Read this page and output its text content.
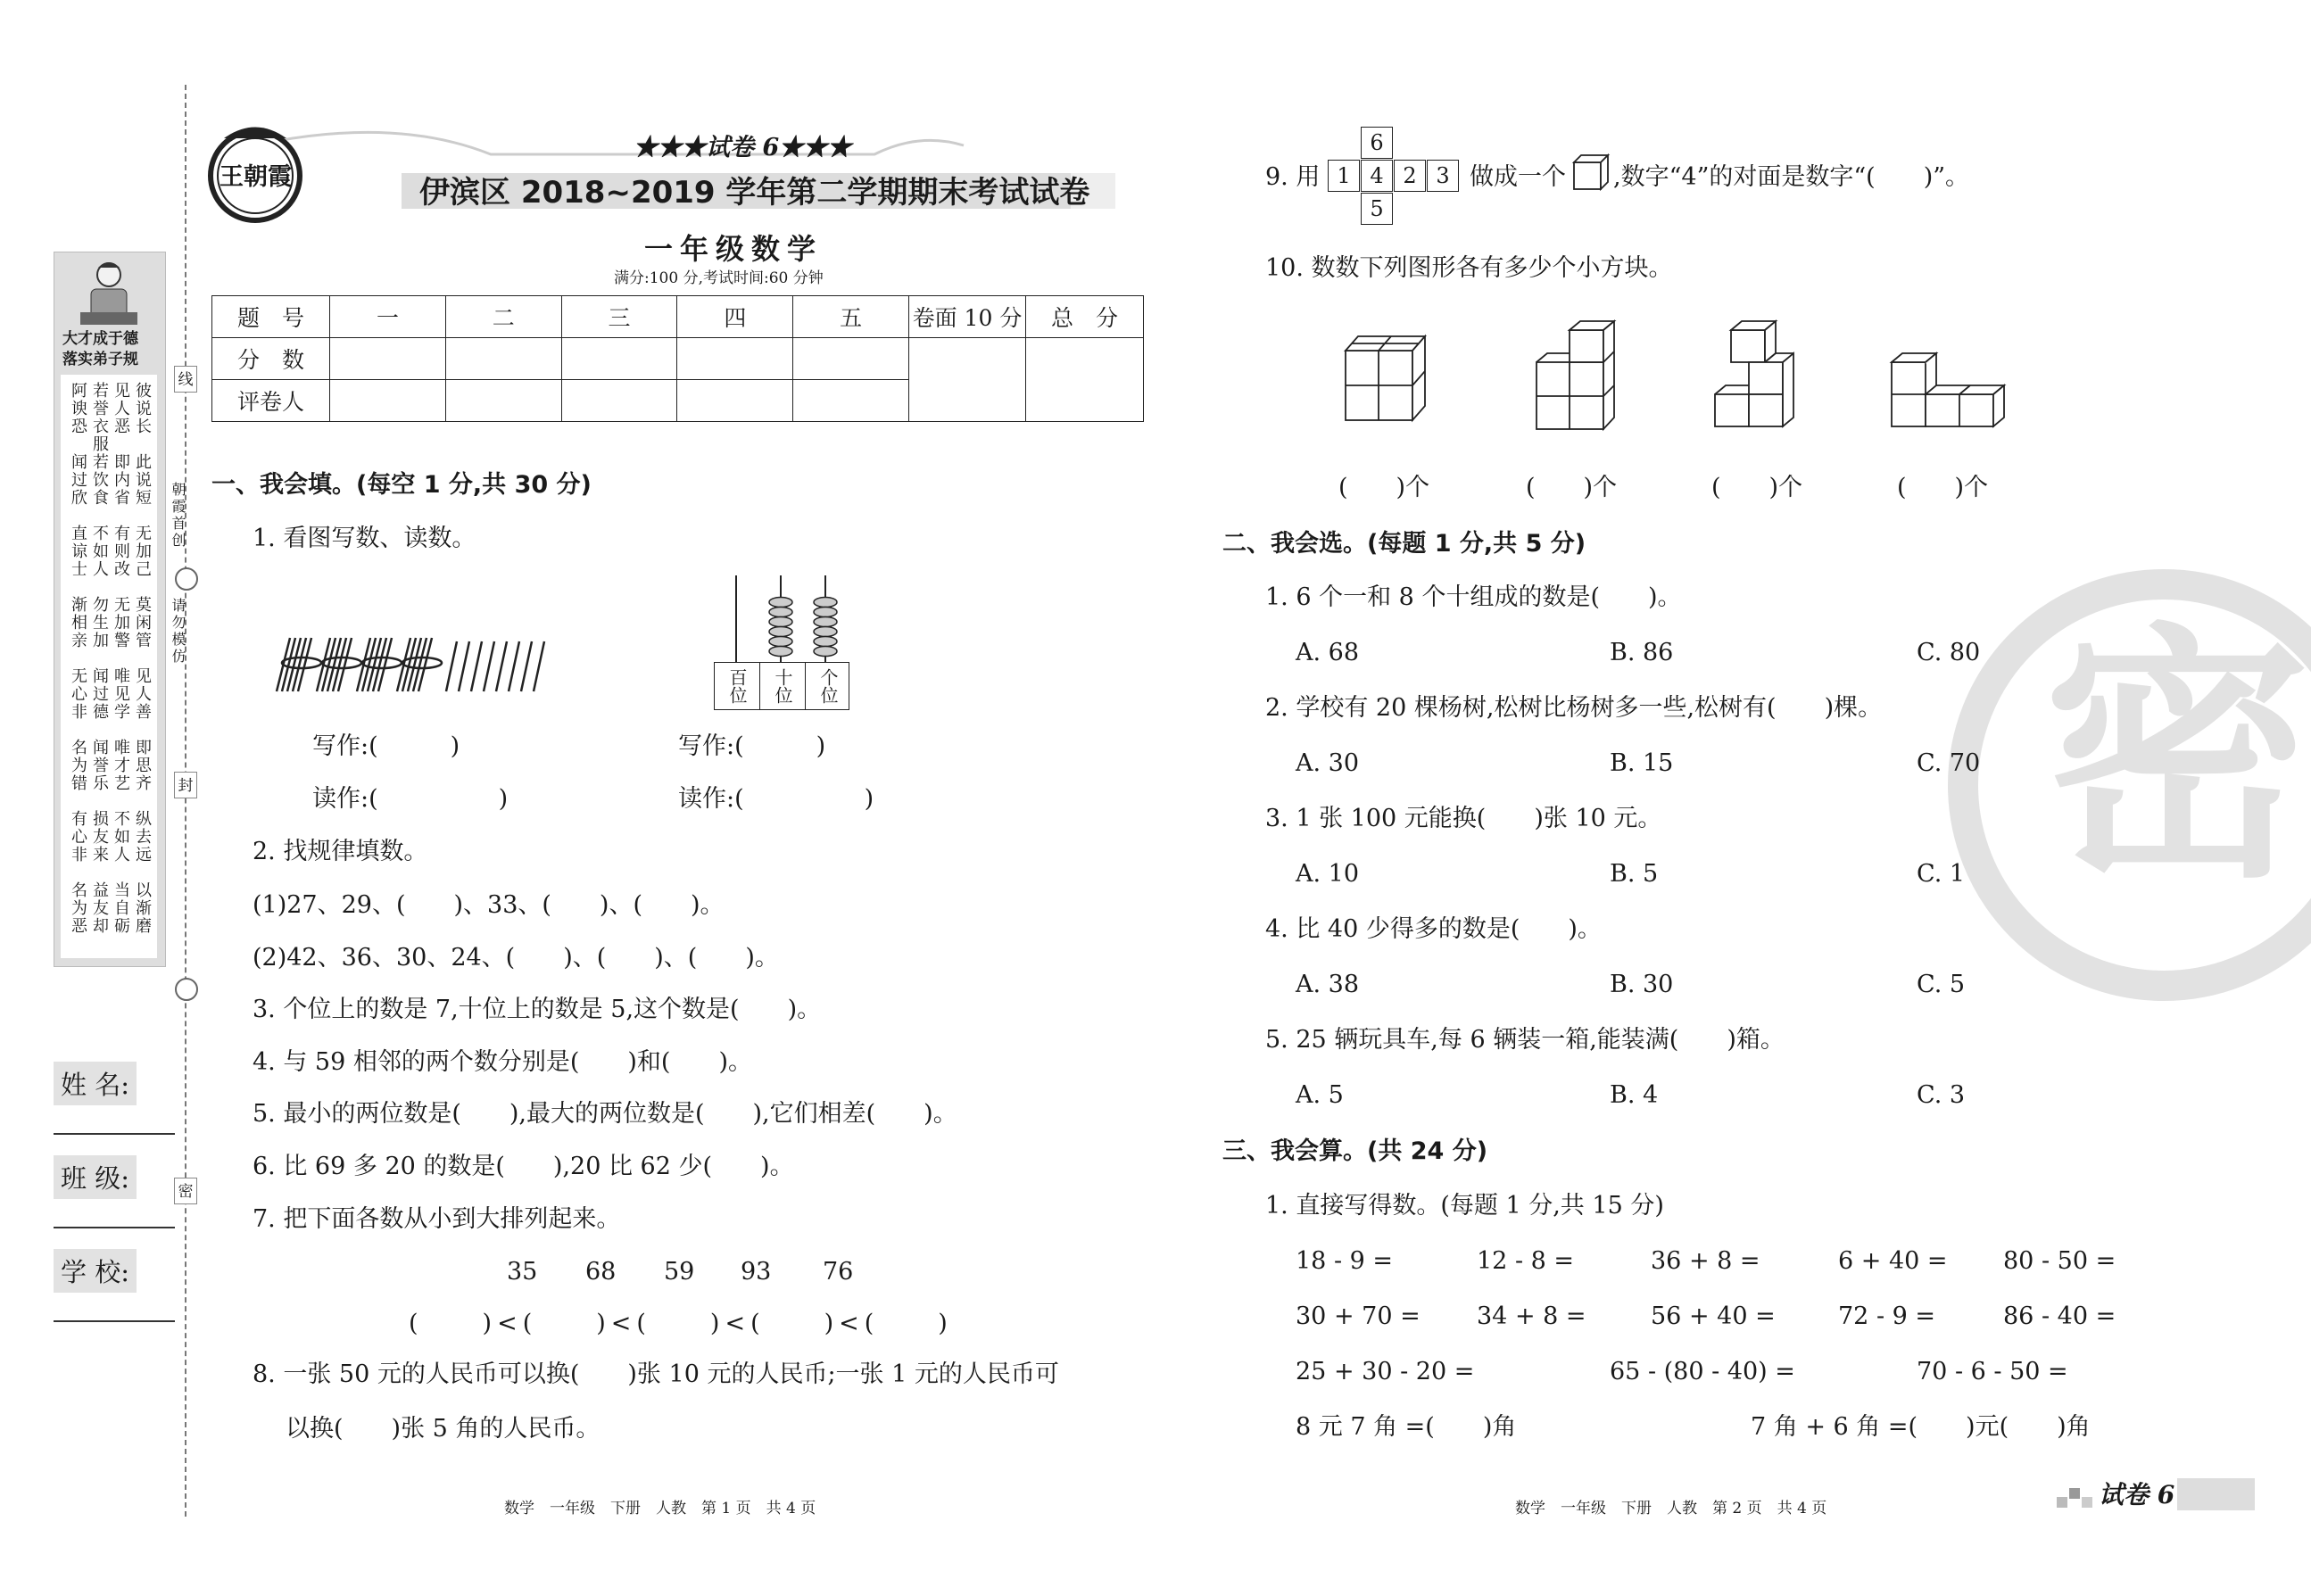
大才成于德
落实弟子规
阿谀恐 若誉衣服 见人恶 彼说长
闻过欣 若饮食 即内省 此说短
直谅士 不如人 有则改 无加己
渐相亲 勿生加 无加警 莫闲管
无心非 闻过德 唯见学 见人善
名为错 闻誉乐 唯才艺 即思齐
有心非 损友来 不如人 纵去远
名为恶 益友却 当自砺 以渐磨
线
封
密
朝霞首创
请勿模仿
姓 名:
班 级:
学 校:
王朝霞
★★★试卷 6★★★
伊滨区 2018~2019 学年第二学期期末考试试卷
一年级数学
满分:100 分,考试时间:60 分钟
题　号	一	二	三	四	五	卷面 10 分	总　分
分　数							
评卷人							
一、我会填。(每空 1 分,共 30 分)
1. 看图写数、读数。
百位	十位	个位
写作:(　　　)	写作:(　　　)
读作:(　　　　　)	读作:(　　　　　)
2. 找规律填数。
(1)27、29、(　　)、33、(　　)、(　　)。
(2)42、36、30、24、(　　)、(　　)、(　　)。
3. 个位上的数是 7,十位上的数是 5,这个数是(　　)。
4. 与 59 相邻的两个数分别是(　　)和(　　)。
5. 最小的两位数是(　　),最大的两位数是(　　),它们相差(　　)。
6. 比 69 多 20 的数是(　　),20 比 62 少(　　)。
7. 把下面各数从小到大排列起来。
35 68 59 93 76
(　　)<(　　)<(　　)<(　　)<(　　)
8. 一张 50 元的人民币可以换(　　)张 10 元的人民币;一张 1 元的人民币可
以换(　　)张 5 角的人民币。
数学　一年级　下册　人教　第 1 页　共 4 页
密
9. 用
6
1 4 2 3
5
做成一个 ,数字“4”的对面是数字“(　　)”。
10. 数数下列图形各有多少个小方块。
(　　)个	(　　)个	(　　)个	(　　)个
二、我会选。(每题 1 分,共 5 分)
1. 6 个一和 8 个十组成的数是(　　)。
A. 68	B. 86	C. 80
2. 学校有 20 棵杨树,松树比杨树多一些,松树有(　　)棵。
A. 30	B. 15	C. 70
3. 1 张 100 元能换(　　)张 10 元。
A. 10	B. 5	C. 1
4. 比 40 少得多的数是(　　)。
A. 38	B. 30	C. 5
5. 25 辆玩具车,每 6 辆装一箱,能装满(　　)箱。
A. 5	B. 4	C. 3
三、我会算。(共 24 分)
1. 直接写得数。(每题 1 分,共 15 分)
18 - 9 =	12 - 8 =	36 + 8 =	6 + 40 = 80 - 50 =
30 + 70 = 34 + 8 =	56 + 40 =	72 - 9 =	86 - 40 =
25 + 30 - 20 =	65 - (80 - 40) =	70 - 6 - 50 =
8 元 7 角 =(　　)角	7 角 + 6 角 =(　　)元(　　)角
数学　一年级　下册　人教　第 2 页　共 4 页	试卷 6
